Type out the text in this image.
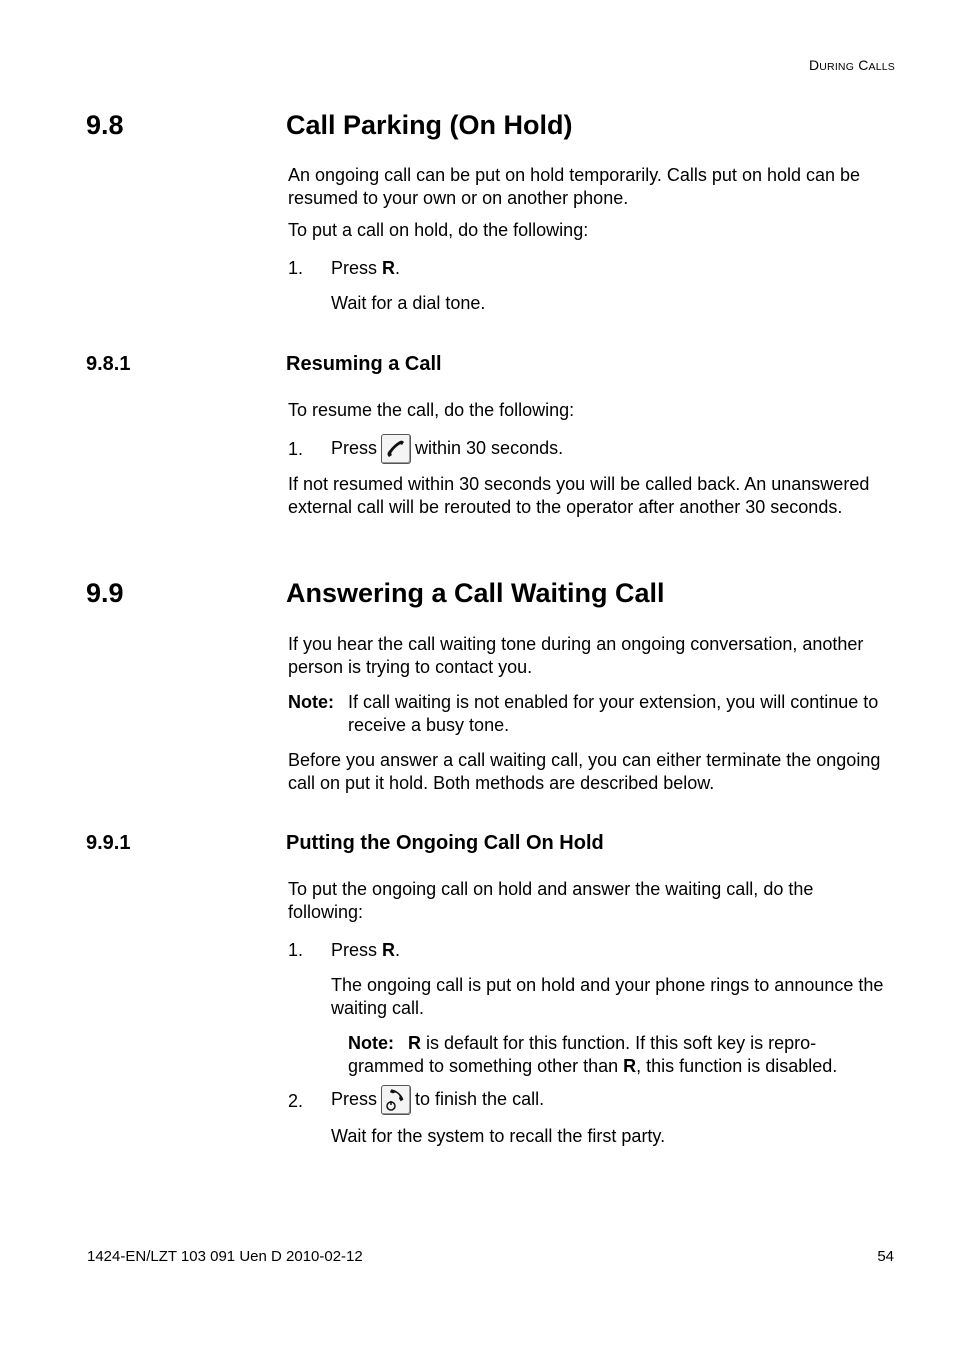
DURING CALLS
9.8	Call Parking (On Hold)
An ongoing call can be put on hold temporarily. Calls put on hold can be resumed to your own or on another phone.
To put a call on hold, do the following:
1. Press R.
Wait for a dial tone.
9.8.1	Resuming a Call
To resume the call, do the following:
1. Press within 30 seconds.
If not resumed within 30 seconds you will be called back. An unanswered external call will be rerouted to the operator after another 30 seconds.
9.9	Answering a Call Waiting Call
If you hear the call waiting tone during an ongoing conversation, another person is trying to contact you.
Note: If call waiting is not enabled for your extension, you will continue to receive a busy tone.
Before you answer a call waiting call, you can either terminate the ongoing call on put it hold. Both methods are described below.
9.9.1	Putting the Ongoing Call On Hold
To put the ongoing call on hold and answer the waiting call, do the following:
1. Press R.
The ongoing call is put on hold and your phone rings to announce the waiting call.
Note: R is default for this function. If this soft key is repro-grammed to something other than R, this function is disabled.
2. Press to finish the call.
Wait for the system to recall the first party.
1424-EN/LZT 103 091 Uen D 2010-02-12	54
